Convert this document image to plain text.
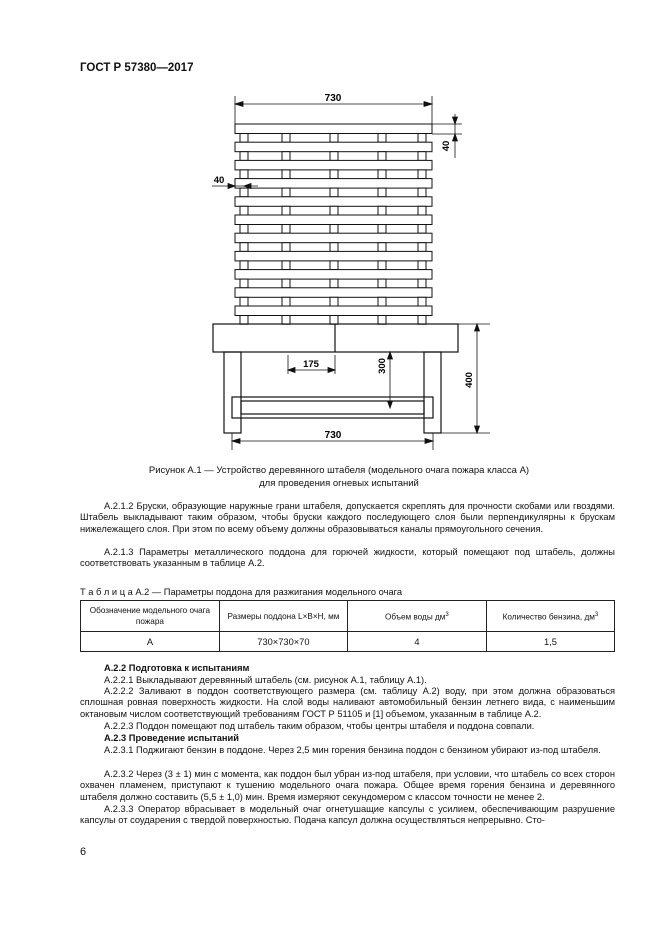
ГОСТ Р 57380—2017
730
40
40
175	300
400
730
Рисунок А.1 — Устройство деревянного штабеля (модельного очага пожара класса А)
для проведения огневых испытаний
А.2.1.2 Бруски, образующие наружные грани штабеля, допускается скреплять для прочности скобами или гвоздями. Штабель выкладывают таким образом, чтобы бруски каждого последующего слоя были перпендикулярны к брускам нижележащего слоя. При этом по всему объему должны образовываться каналы прямоугольного сечения.
А.2.1.3 Параметры металлического поддона для горючей жидкости, который помещают под штабель, должны соответствовать указанным в таблице А.2.
Т а б л и ц а А.2 — Параметры поддона для разжигания модельного очага
Обозначение модельного очага пожара	Размеры поддона L×B×H, мм	Объем воды $дм^3$	Количество бензина, $дм^3$
А	730×730×70	4	1,5
А.2.2 Подготовка к испытаниям
А.2.2.1 Выкладывают деревянный штабель (см. рисунок А.1, таблицу А.1).
А.2.2.2 Заливают в поддон соответствующего размера (см. таблицу А.2) воду, при этом должна образоваться сплошная ровная поверхность жидкости. На слой воды наливают автомобильный бензин летнего вида, с наименьшим октановым числом соответствующий требованиям ГОСТ Р 51105 и [1] объемом, указанным в таблице А.2.
А.2.2.3 Поддон помещают под штабель таким образом, чтобы центры штабеля и поддона совпали.
А.2.3 Проведение испытаний
А.2.3.1 Поджигают бензин в поддоне. Через 2,5 мин горения бензина поддон с бензином убирают из-под штабеля.
А.2.3.2 Через (3 ± 1) мин с момента, как поддон был убран из-под штабеля, при условии, что штабель со всех сторон охвачен пламенем, приступают к тушению модельного очага пожара. Общее время горения бензина и деревянного штабеля должно составить (5,5 ± 1,0) мин. Время измеряют секундомером с классом точности не менее 2.
А.2.3.3 Оператор вбрасывает в модельный очаг огнетушащие капсулы с усилием, обеспечивающим разрушение капсулы от соударения с твердой поверхностью. Подача капсул должна осуществляться непрерывно. Сто-
6
